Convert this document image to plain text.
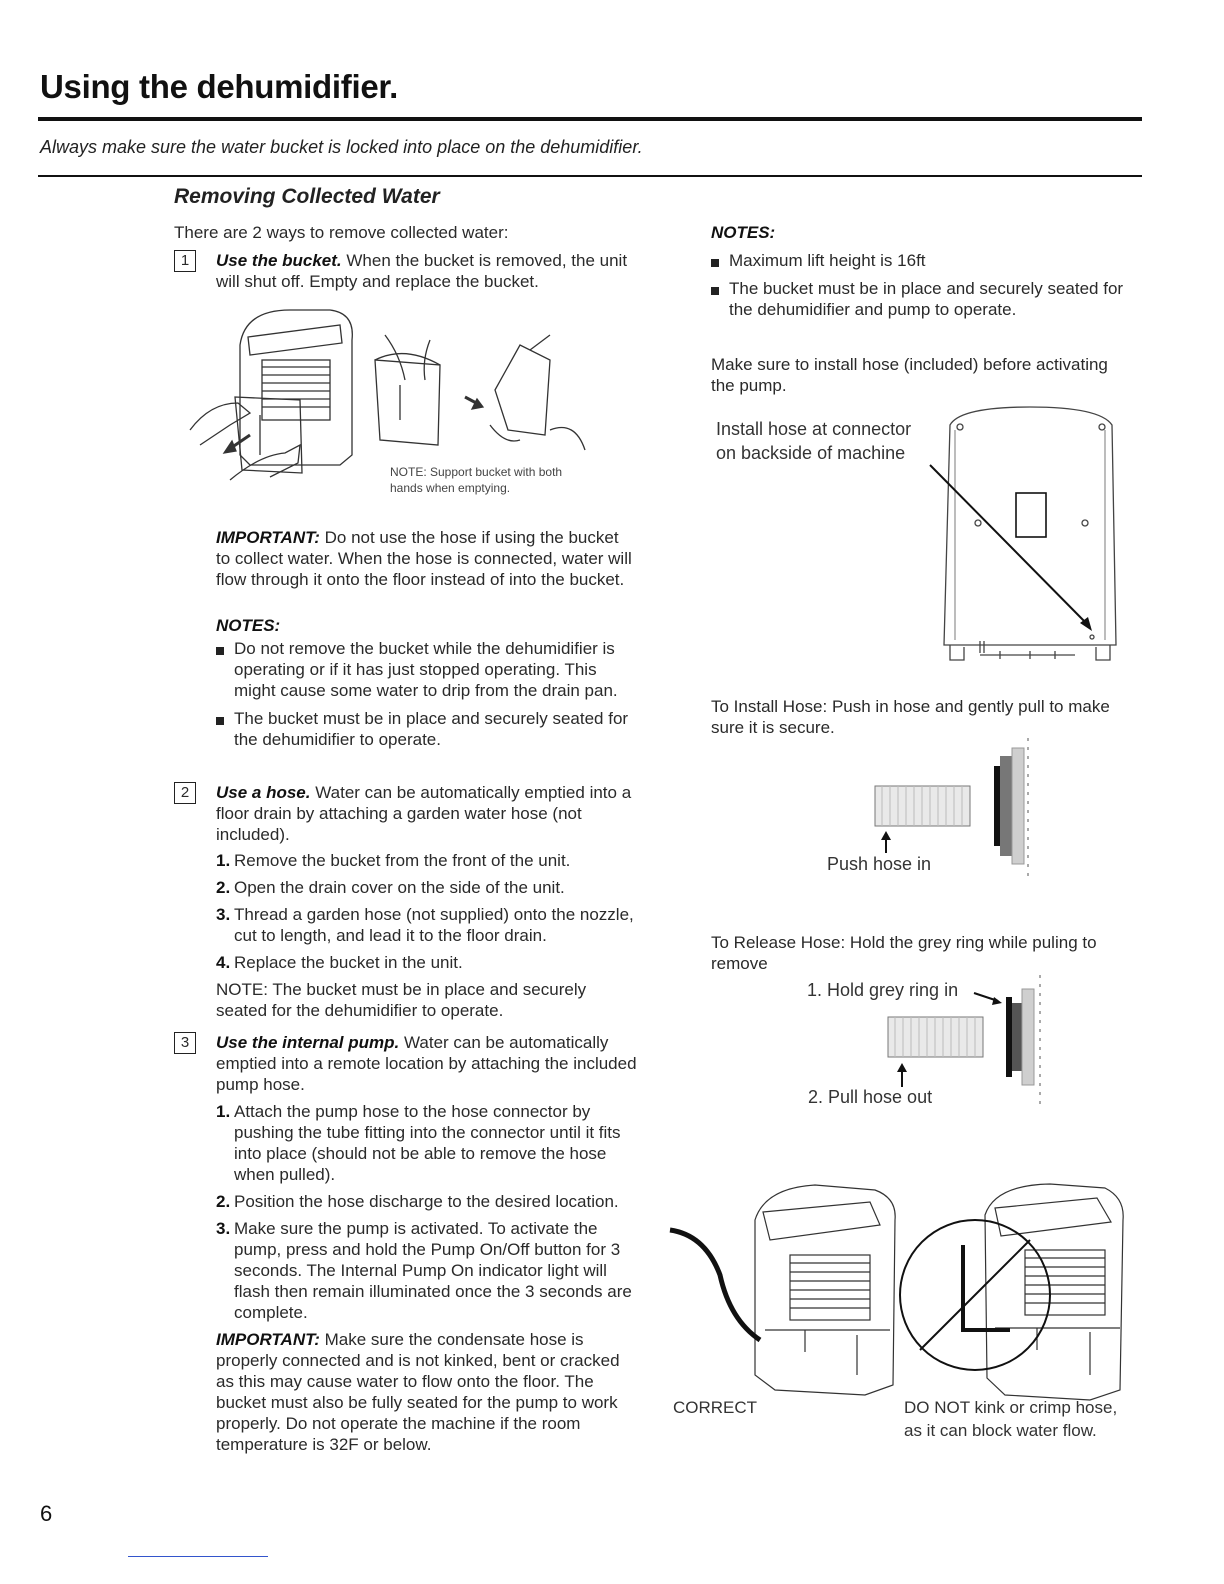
Using the dehumidifier.
Always make sure the water bucket is locked into place on the dehumidifier.
Removing Collected Water
There are 2 ways to remove collected water:
1	Use the bucket. When the bucket is removed, the unit will shut off. Empty and replace the bucket.
NOTE: Support bucket with both hands when emptying.
IMPORTANT: Do not use the hose if using the bucket to collect water. When the hose is connected, water will flow through it onto the floor instead of into the bucket.
NOTES:
Do not remove the bucket while the dehumidifier is operating or if it has just stopped operating. This might cause some water to drip from the drain pan.
The bucket must be in place and securely seated for the dehumidifier to operate.
2	Use a hose. Water can be automatically emptied into a floor drain by attaching a garden water hose (not included).
1. Remove the bucket from the front of the unit.
2. Open the drain cover on the side of the unit.
3. Thread a garden hose (not supplied) onto the nozzle, cut to length, and lead it to the floor drain.
4. Replace the bucket in the unit.
NOTE: The bucket must be in place and securely seated for the dehumidifier to operate.
3	Use the internal pump. Water can be automatically emptied into a remote location by attaching the included pump hose.
1. Attach the pump hose to the hose connector by pushing the tube fitting into the connector until it fits into place (should not be able to remove the hose when pulled).
2. Position the hose discharge to the desired location.
3. Make sure the pump is activated. To activate the pump, press and hold the Pump On/Off button for 3 seconds. The Internal Pump On indicator light will flash then remain illuminated once the 3 seconds are complete.
IMPORTANT: Make sure the condensate hose is properly connected and is not kinked, bent or cracked as this may cause water to flow onto the floor. The bucket must also be fully seated for the pump to work properly. Do not operate the machine if the room temperature is 32F or below.
6
NOTES:
Maximum lift height is 16ft
The bucket must be in place and securely seated for the dehumidifier and pump to operate.
Make sure to install hose (included) before activating the pump.
Install hose at connector
on backside of machine
To Install Hose: Push in hose and gently pull to make sure it is secure.
Push hose in
To Release Hose: Hold the grey ring while puling to remove
1. Hold grey ring in
2. Pull hose out
CORRECT	DO NOT kink or crimp hose,
as it can block water flow.
